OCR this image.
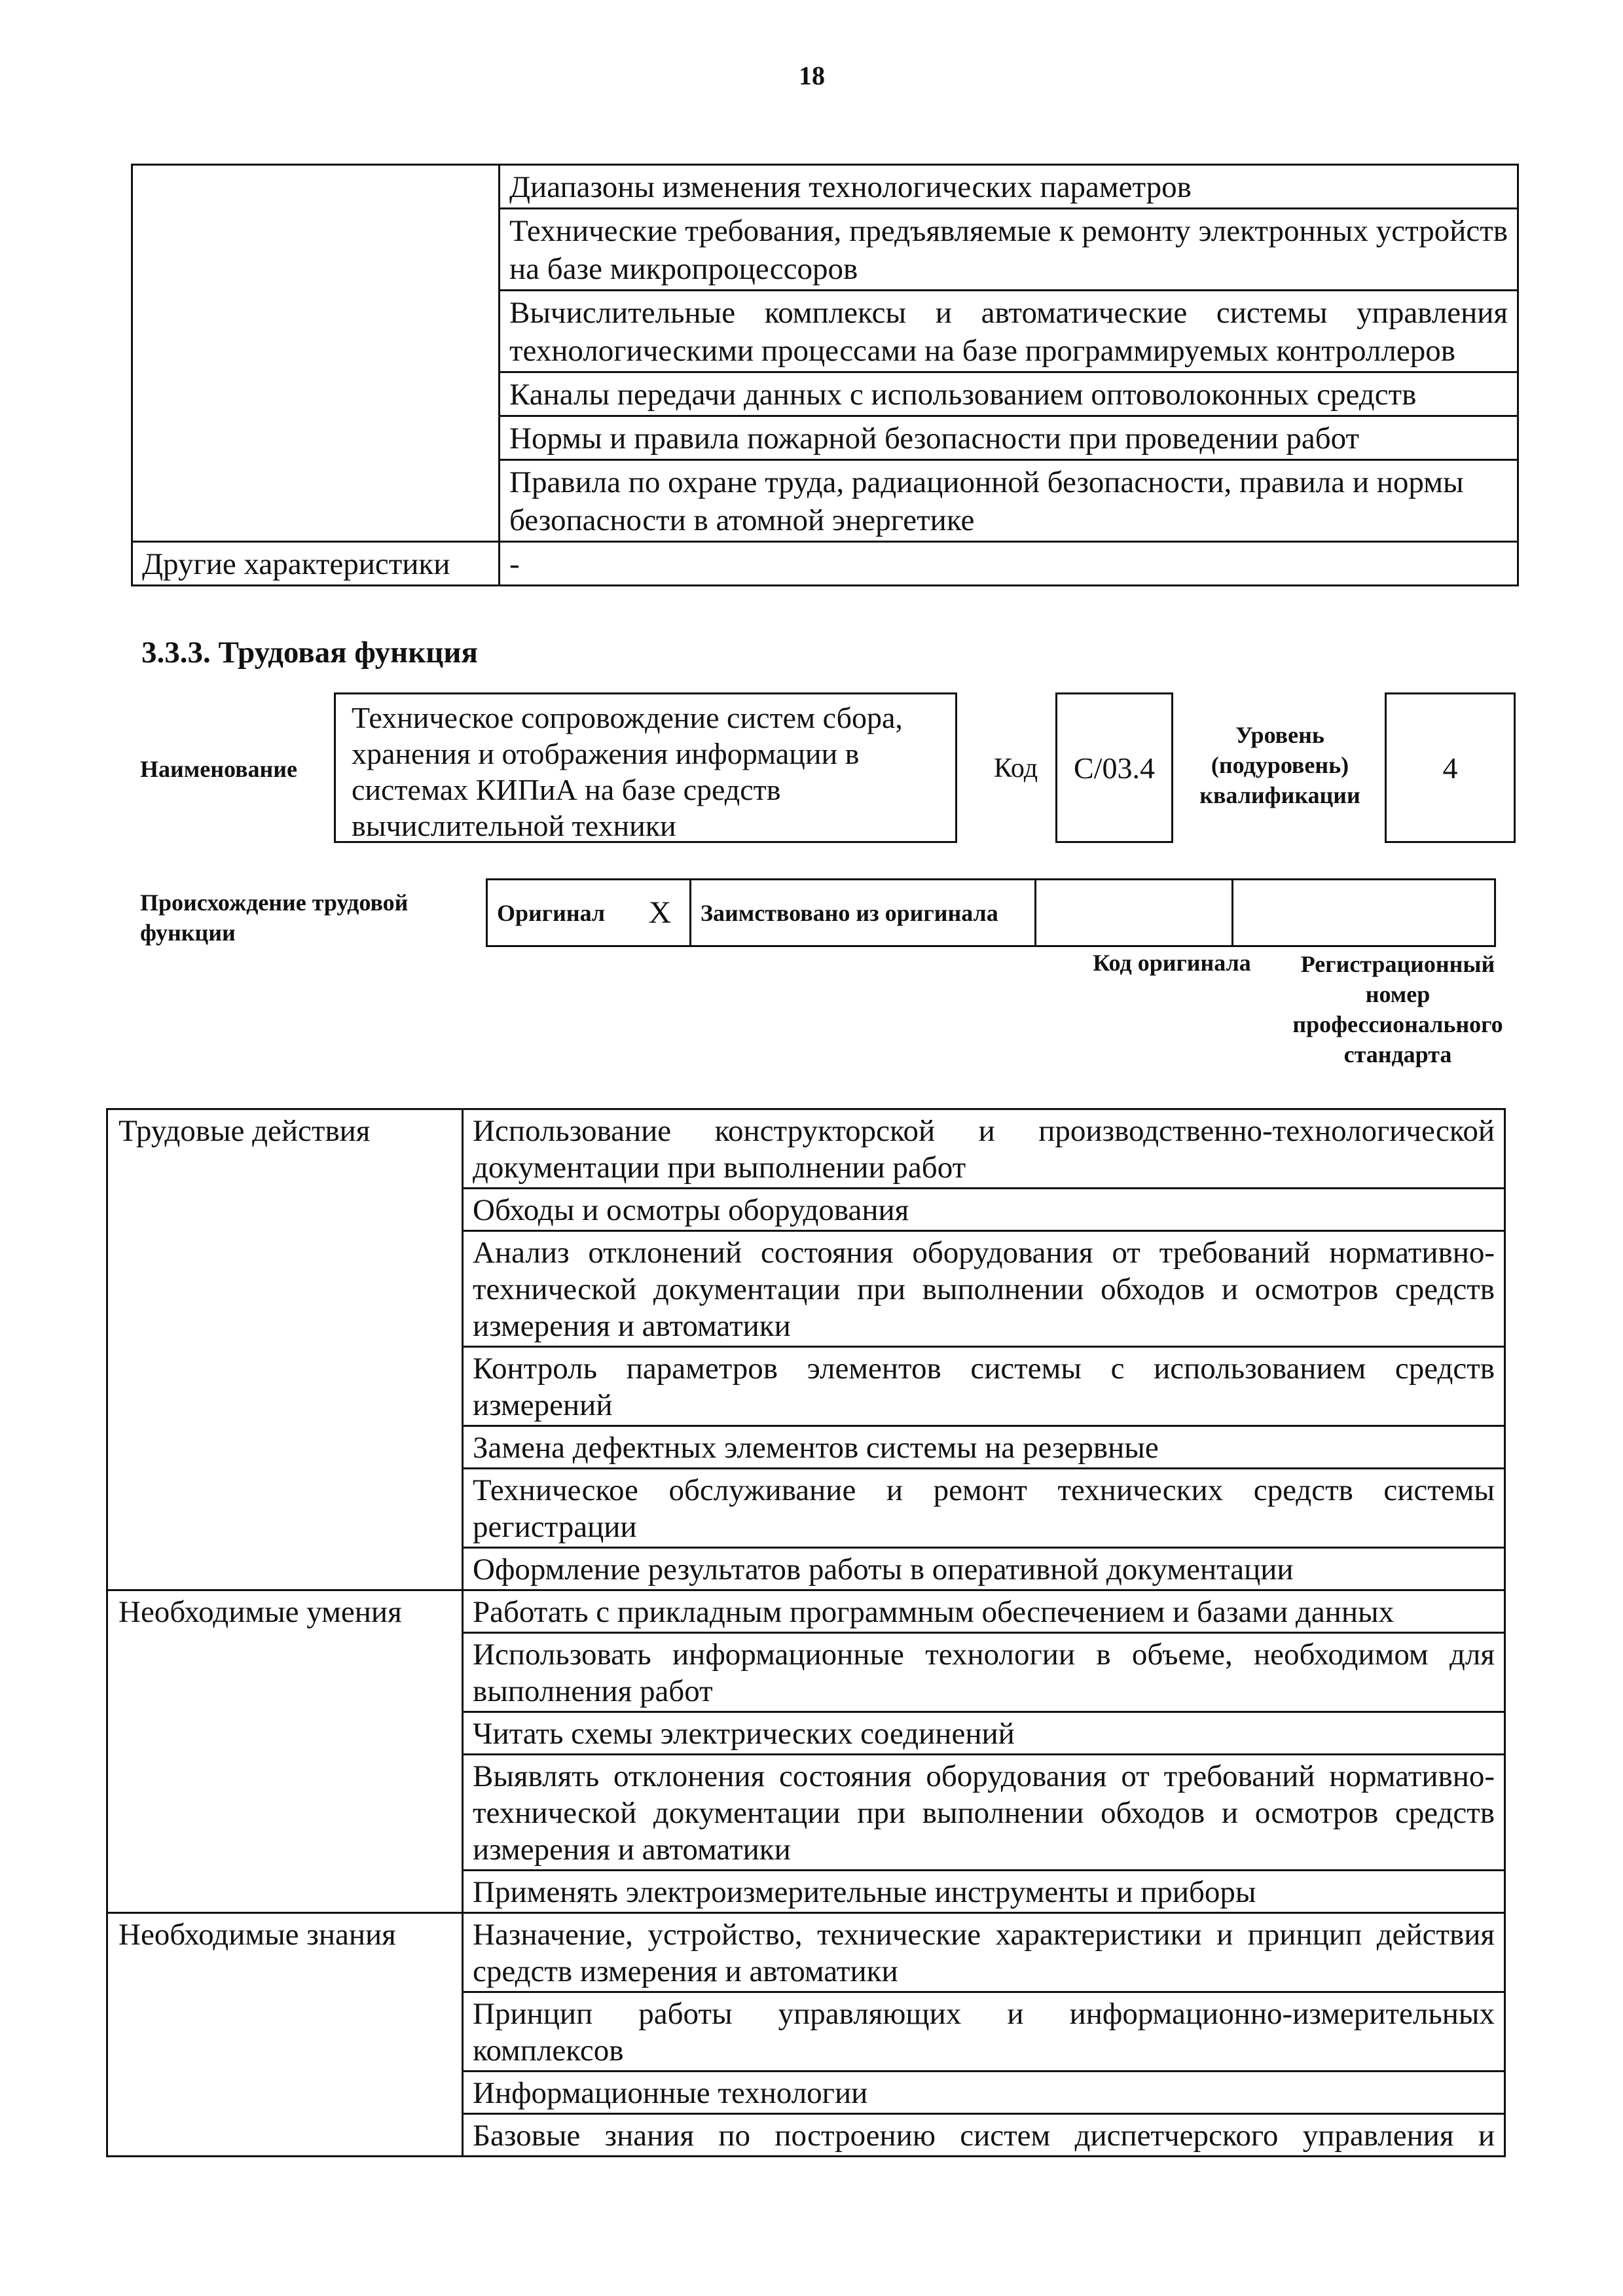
18
	Диапазоны изменения технологических параметров
	Технические требования, предъявляемые к ремонту электронных устройств на базе микропроцессоров
	Вычислительные комплексы и автоматические системы управления технологическими процессами на базе программируемых контроллеров
	Каналы передачи данных с использованием оптоволоконных средств
	Нормы и правила пожарной безопасности при проведении работ
	Правила по охране труда, радиационной безопасности, правила и нормы безопасности в атомной энергетике
Другие характеристики	-
3.3.3. Трудовая функция
Наименование
Техническое сопровождение систем сбора, хранения и отображения информации в системах КИПиА на базе средств вычислительной техники
Код	C/03.4
Уровень (подуровень) квалификации
4
Происхождение трудовой функции
Оригинал	X	Заимствовано из оригинала		
Код оригинала	Регистрационный номер профессионального стандарта
Трудовые действия	Использование конструкторской и производственно-технологической документации при выполнении работ
	Обходы и осмотры оборудования
	Анализ отклонений состояния оборудования от требований нормативно-технической документации при выполнении обходов и осмотров средств измерения и автоматики
	Контроль параметров элементов системы с использованием средств измерений
	Замена дефектных элементов системы на резервные
	Техническое обслуживание и ремонт технических средств системы регистрации
	Оформление результатов работы в оперативной документации
Необходимые умения	Работать с прикладным программным обеспечением и базами данных
	Использовать информационные технологии в объеме, необходимом для выполнения работ
	Читать схемы электрических соединений
	Выявлять отклонения состояния оборудования от требований нормативно-технической документации при выполнении обходов и осмотров средств измерения и автоматики
	Применять электроизмерительные инструменты и приборы
Необходимые знания	Назначение, устройство, технические характеристики и принцип действия средств измерения и автоматики
	Принцип работы управляющих и информационно-измерительных комплексов
	Информационные технологии
	Базовые знания по построению систем диспетчерского управления и
